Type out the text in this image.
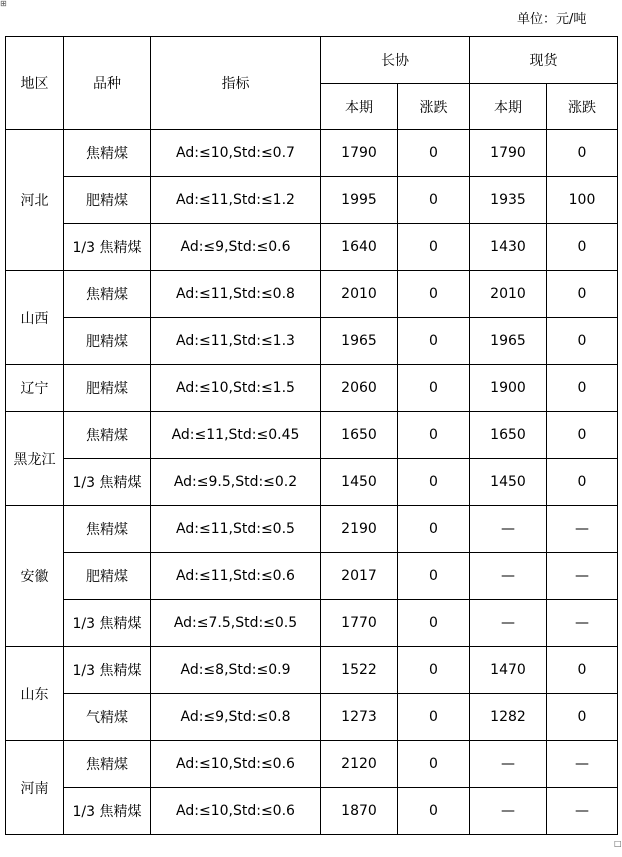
⊞
单位：元/吨
地区	品种	指标	长协		现货	
			本期	涨跌	本期	涨跌
河北	焦精煤	Ad:≤10,Std:≤0.7	1790	0	1790	0
	肥精煤	Ad:≤11,Std:≤1.2	1995	0	1935	100
	1/3 焦精煤	Ad:≤9,Std:≤0.6	1640	0	1430	0
山西	焦精煤	Ad:≤11,Std:≤0.8	2010	0	2010	0
	肥精煤	Ad:≤11,Std:≤1.3	1965	0	1965	0
辽宁	肥精煤	Ad:≤10,Std:≤1.5	2060	0	1900	0
黑龙江	焦精煤	Ad:≤11,Std:≤0.45	1650	0	1650	0
	1/3 焦精煤	Ad:≤9.5,Std:≤0.2	1450	0	1450	0
安徽	焦精煤	Ad:≤11,Std:≤0.5	2190	0	—	—
	肥精煤	Ad:≤11,Std:≤0.6	2017	0	—	—
	1/3 焦精煤	Ad:≤7.5,Std:≤0.5	1770	0	—	—
山东	1/3 焦精煤	Ad:≤8,Std:≤0.9	1522	0	1470	0
	气精煤	Ad:≤9,Std:≤0.8	1273	0	1282	0
河南	焦精煤	Ad:≤10,Std:≤0.6	2120	0	—	—
	1/3 焦精煤	Ad:≤10,Std:≤0.6	1870	0	—	—
□
